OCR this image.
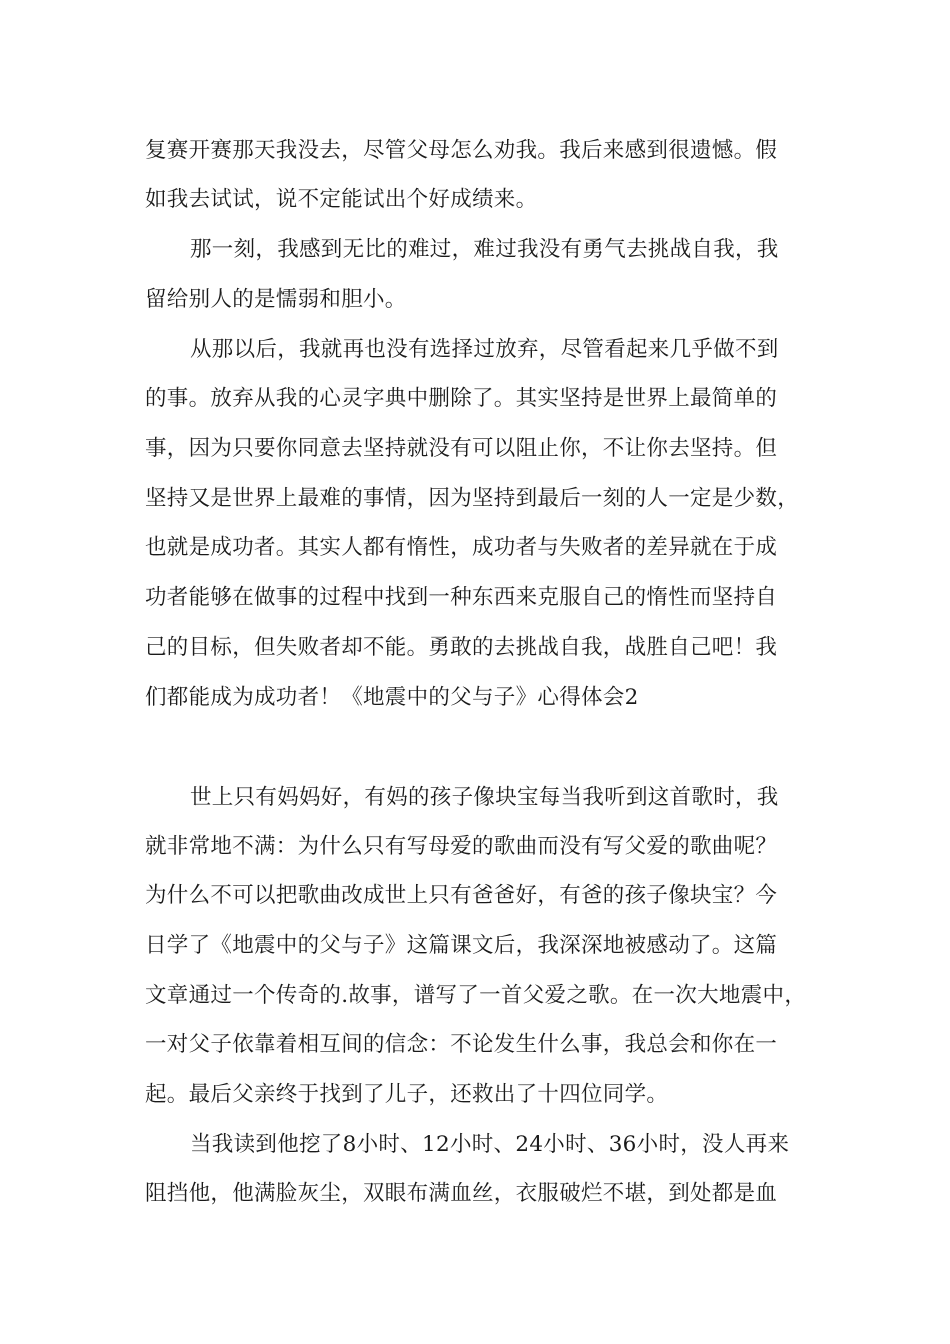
复赛开赛那天我没去，尽管父母怎么劝我。我后来感到很遗憾。假
如我去试试，说不定能试出个好成绩来。
那一刻，我感到无比的难过，难过我没有勇气去挑战自我，我
留给别人的是懦弱和胆小。
从那以后，我就再也没有选择过放弃，尽管看起来几乎做不到
的事。放弃从我的心灵字典中删除了。其实坚持是世界上最简单的
事，因为只要你同意去坚持就没有可以阻止你，不让你去坚持。但
坚持又是世界上最难的事情，因为坚持到最后一刻的人一定是少数，
也就是成功者。其实人都有惰性，成功者与失败者的差异就在于成
功者能够在做事的过程中找到一种东西来克服自己的惰性而坚持自
己的目标，但失败者却不能。勇敢的去挑战自我，战胜自己吧！我
们都能成为成功者！《地震中的父与子》心得体会2
世上只有妈妈好，有妈的孩子像块宝每当我听到这首歌时，我
就非常地不满：为什么只有写母爱的歌曲而没有写父爱的歌曲呢？
为什么不可以把歌曲改成世上只有爸爸好，有爸的孩子像块宝？今
日学了《地震中的父与子》这篇课文后，我深深地被感动了。这篇
文章通过一个传奇的.故事，谱写了一首父爱之歌。在一次大地震中，
一对父子依靠着相互间的信念：不论发生什么事，我总会和你在一
起。最后父亲终于找到了儿子，还救出了十四位同学。
当我读到他挖了8小时、12小时、24小时、36小时，没人再来
阻挡他，他满脸灰尘，双眼布满血丝，衣服破烂不堪，到处都是血
